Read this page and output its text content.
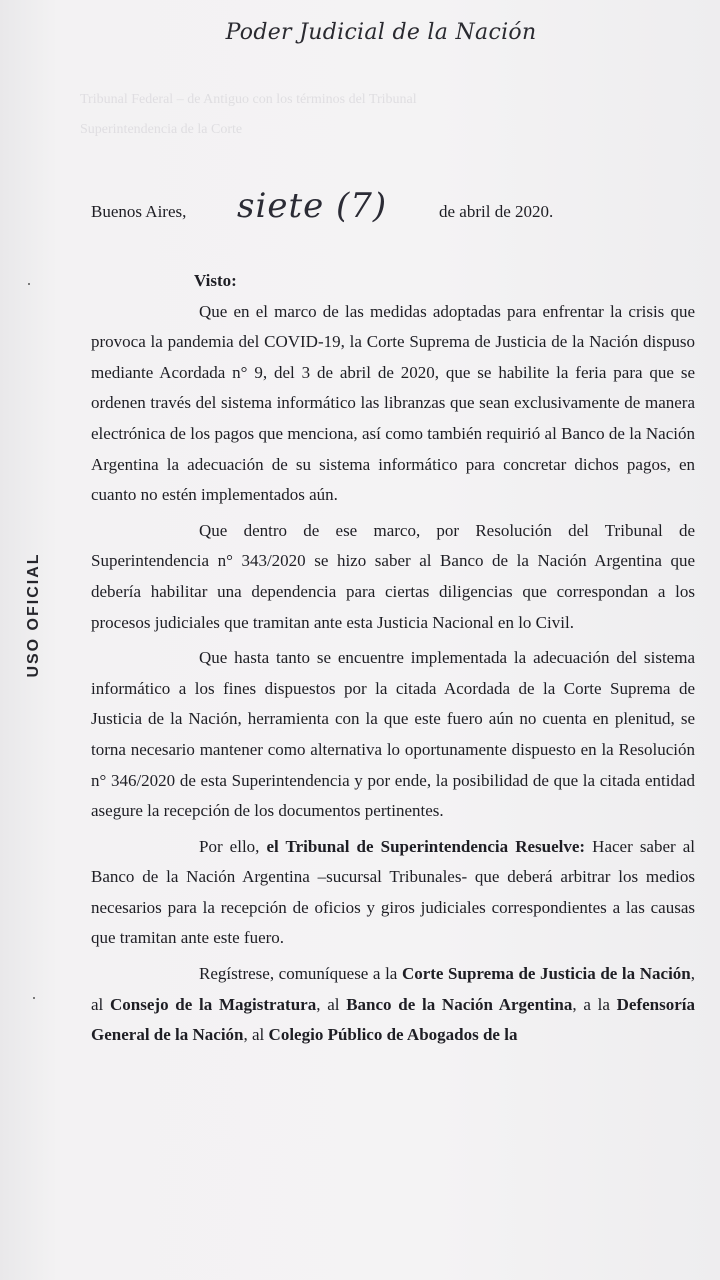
Poder Judicial de la Nación
Tribunal Federal – de Antiguo con los términos del Tribunal
Superintendencia de la Corte
USO OFICIAL
Buenos Aires, siete (7)	de abril de 2020.

Visto:

Que en el marco de las medidas adoptadas para enfrentar la crisis que provoca la pandemia del COVID-19, la Corte Suprema de Justicia de la Nación dispuso mediante Acordada n° 9, del 3 de abril de 2020, que se habilite la feria para que se ordenen través del sistema informático las libranzas que sean exclusivamente de manera electrónica de los pagos que menciona, así como también requirió al Banco de la Nación Argentina la adecuación de su sistema informático para concretar dichos pagos, en cuanto no estén implementados aún.

Que dentro de ese marco, por Resolución del Tribunal de Superintendencia n° 343/2020 se hizo saber al Banco de la Nación Argentina que debería habilitar una dependencia para ciertas diligencias que correspondan a los procesos judiciales que tramitan ante esta Justicia Nacional en lo Civil.

Que hasta tanto se encuentre implementada la adecuación del sistema informático a los fines dispuestos por la citada Acordada de la Corte Suprema de Justicia de la Nación, herramienta con la que este fuero aún no cuenta en plenitud, se torna necesario mantener como alternativa lo oportunamente dispuesto en la Resolución n° 346/2020 de esta Superintendencia y por ende, la posibilidad de que la citada entidad asegure la recepción de los documentos pertinentes.

Por ello, el Tribunal de Superintendencia Resuelve: Hacer saber al Banco de la Nación Argentina –sucursal Tribunales- que deberá arbitrar los medios necesarios para la recepción de oficios y giros judiciales correspondientes a las causas que tramitan ante este fuero.

Regístrese, comuníquese a la Corte Suprema de Justicia de la Nación, al Consejo de la Magistratura, al Banco de la Nación Argentina, a la Defensoría General de la Nación, al Colegio Público de Abogados de la
